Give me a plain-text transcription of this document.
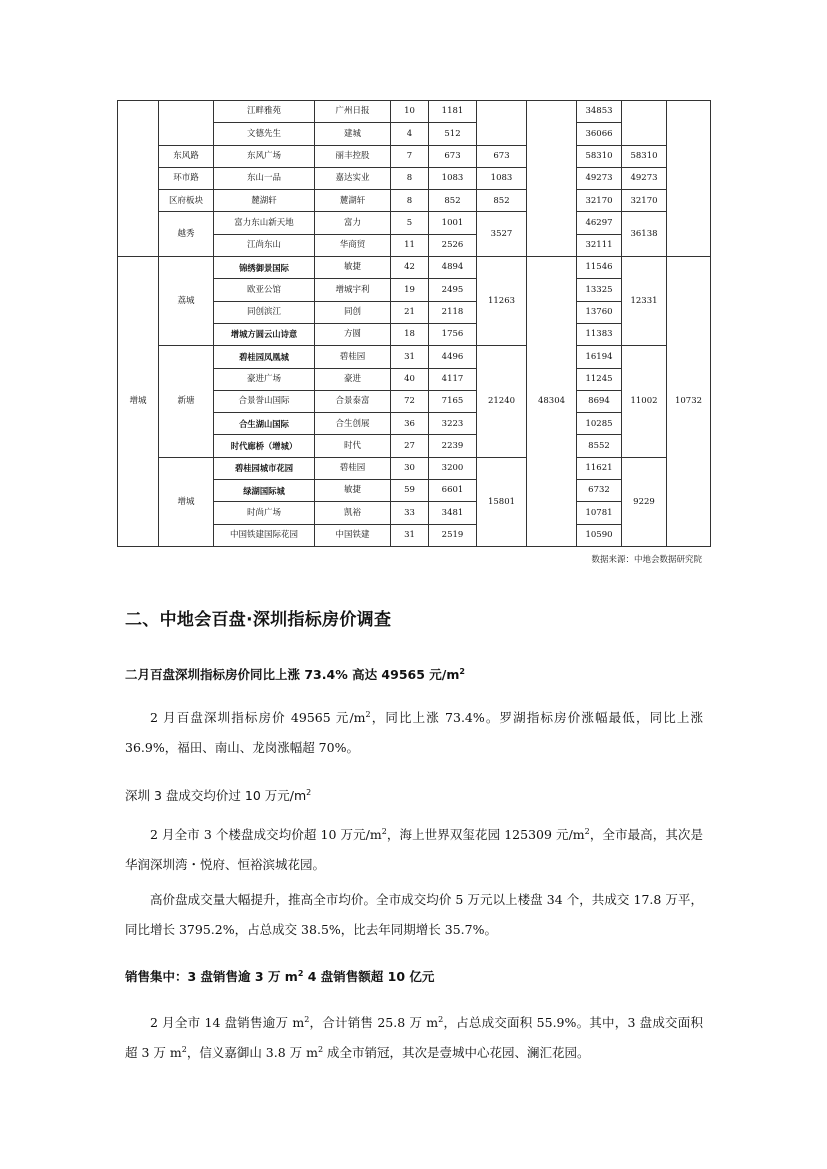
		江畔雅苑	广州日报	10	1181			34853		
		文德先生	建城	4	512			36066		
	东风路	东风广场	丽丰控股	7	673	673		58310	58310	
	环市路	东山一品	嘉达实业	8	1083	1083		49273	49273	
	区府板块	麓湖轩	麓湖轩	8	852	852		32170	32170	
	越秀	富力东山新天地	富力	5	1001	3527		46297	36138	
		江尚东山	华商贸	11	2526			32111		
增城	荔城	锦绣御景国际	敏捷	42	4894	11263	48304	11546	12331	10732
		欧亚公馆	增城宇利	19	2495			13325		
		同创滨江	同创	21	2118			13760		
		增城方圆云山诗意	方圆	18	1756			11383		
	新塘	碧桂园凤凰城	碧桂园	31	4496	21240		16194	11002	
		豪进广场	豪进	40	4117			11245		
		合景誉山国际	合景泰富	72	7165			8694		
		合生湖山国际	合生创展	36	3223			10285		
		时代廊桥（增城）	时代	27	2239			8552		
	增城	碧桂园城市花园	碧桂园	30	3200	15801		11621	9229	
		绿湖国际城	敏捷	59	6601			6732		
		时尚广场	凯裕	33	3481			10781		
		中国铁建国际花园	中国铁建	31	2519			10590		
数据来源：中地会数据研究院
二、中地会百盘·深圳指标房价调查
二月百盘深圳指标房价同比上涨 73.4% 高达 49565 元$/m^2$
2 月百盘深圳指标房价 49565 元$/m^2$，同比上涨 73.4%。罗湖指标房价涨幅最低，同比上涨 36.9%，福田、南山、龙岗涨幅超 70%。
深圳 3 盘成交均价过 10 万元$/m^2$
2 月全市 3 个楼盘成交均价超 10 万元$/m^2$，海上世界双玺花园 125309 元$/m^2$，全市最高，其次是华润深圳湾・悦府、恒裕滨城花园。
高价盘成交量大幅提升，推高全市均价。全市成交均价 5 万元以上楼盘 34 个，共成交 17.8 万平，同比增长 3795.2%，占总成交 38.5%，比去年同期增长 35.7%。
销售集中：3 盘销售逾 3 万 $m^2$ 4 盘销售额超 10 亿元
2 月全市 14 盘销售逾万 $m^2$，合计销售 25.8 万 $m^2$，占总成交面积 55.9%。其中，3 盘成交面积超 3 万 $m^2$，信义嘉御山 3.8 万 $m^2$ 成全市销冠，其次是壹城中心花园、澜汇花园。
